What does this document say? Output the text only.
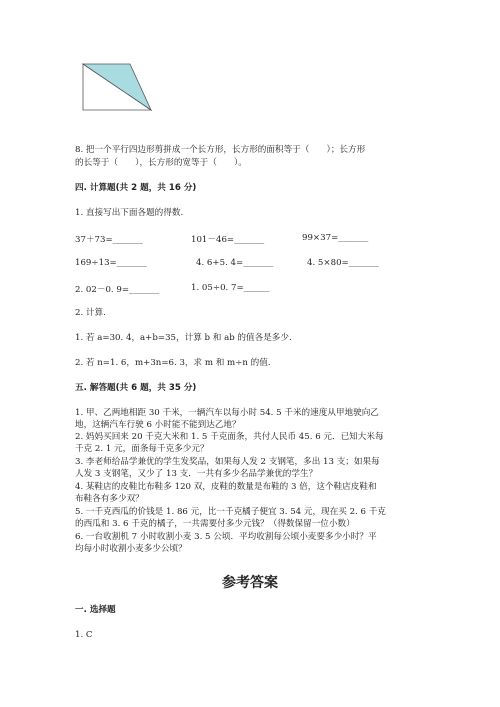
8. 把一个平行四边形剪拼成一个长方形，长方形的面积等于（　　）；长方形
的长等于（　　），长方形的宽等于（　　）。
四. 计算题(共 2 题，共 16 分)
1. 直接写出下面各题的得数.
37＋73=_______	101－46=_______	99×37=_______
169÷13=_______	4. 6+5. 4=_______	4. 5×80=_______
2. 02－0. 9=_______	1. 05÷0. 7=______
2. 计算.
1. 若 a=30. 4，a+b=35，计算 b 和 ab 的值各是多少.
2. 若 n=1. 6，m+3n=6. 3，求 m 和 m÷n 的值.
五. 解答题(共 6 题，共 35 分)
1. 甲、乙两地相距 30 千米，一辆汽车以每小时 54. 5 千米的速度从甲地驶向乙
地，这辆汽车行驶 6 小时能不能到达乙地？
2. 妈妈买回来 20 千克大米和 1. 5 千克面条，共付人民币 45. 6 元．已知大米每
千克 2. 1 元，面条每千克多少元？
3. 李老师给品学兼优的学生发奖品，如果每人发 2 支钢笔，多出 13 支；如果每
人发 3 支钢笔，又少了 13 支．一共有多少名品学兼优的学生？
4. 某鞋店的皮鞋比布鞋多 120 双，皮鞋的数量是布鞋的 3 倍，这个鞋店皮鞋和
布鞋各有多少双？
5. 一千克西瓜的价钱是 1. 86 元，比一千克橘子便宜 3. 54 元，现在买 2. 6 千克
的西瓜和 3. 6 千克的橘子，一共需要付多少元钱？（得数保留一位小数）
6. 一台收割机 7 小时收割小麦 3. 5 公顷．平均收割每公顷小麦要多少小时？平
均每小时收割小麦多少公顷？
参考答案
一. 选择题
1. C
